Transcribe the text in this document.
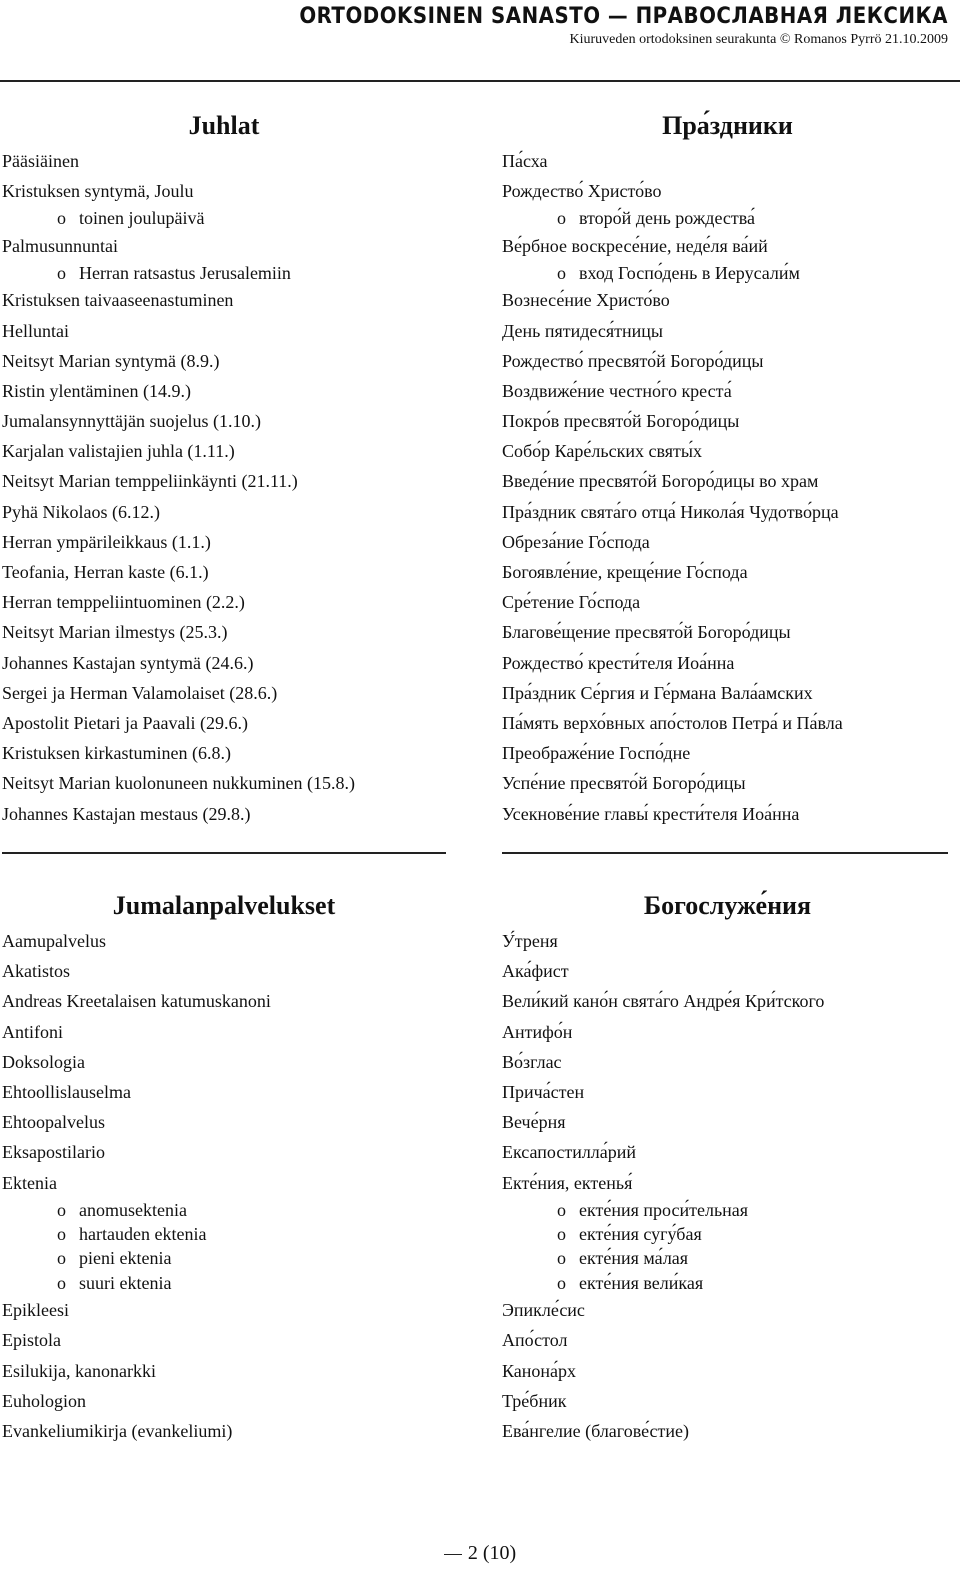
ORTODOKSINEN SANASTO — ПРАВОСЛАВНАЯ ЛЕКСИКА
Kiuruveden ortodoksinen seurakunta © Romanos Pyrrö 21.10.2009
Juhlat	Пра́здники
Pääsiäinen
Kristuksen syntymä, Joulu
o toinen joulupäivä
Palmusunnuntai
o Herran ratsastus Jerusalemiin
Kristuksen taivaaseenastuminen
Helluntai
Neitsyt Marian syntymä (8.9.)
Ristin ylentäminen (14.9.)
Jumalansynnyttäjän suojelus (1.10.)
Karjalan valistajien juhla (1.11.)
Neitsyt Marian temppeliinkäynti (21.11.)
Pyhä Nikolaos (6.12.)
Herran ympärileikkaus (1.1.)
Teofania, Herran kaste (6.1.)
Herran temppeliintuominen (2.2.)
Neitsyt Marian ilmestys (25.3.)
Johannes Kastajan syntymä (24.6.)
Sergei ja Herman Valamolaiset (28.6.)
Apostolit Pietari ja Paavali (29.6.)
Kristuksen kirkastuminen (6.8.)
Neitsyt Marian kuolonuneen nukkuminen (15.8.)
Johannes Kastajan mestaus (29.8.)
Па́сха
Рождество́ Христо́во
o второ́й день рождества́
Ве́рбное воскресе́ние, неде́ля ва́ий
o вход Госпо́день в Иерусали́м
Вознесе́ние Христо́во
День пятидеся́тницы
Рождество́ пресвято́й Богоро́дицы
Воздвиже́ние честно́го креста́
Покро́в пресвято́й Богоро́дицы
Собо́р Каре́льских святы́х
Введе́ние пресвято́й Богоро́дицы во храм
Пра́здник свята́го отца́ Никола́я Чудотво́рца
Обреза́ние Го́спода
Богоявле́ние, креще́ние Го́спода
Сре́тение Го́спода
Благове́щение пресвято́й Богоро́дицы
Рождество́ крести́теля Иоа́нна
Пра́здник Се́ргия и Ге́рмана Вала́амских
Па́мять верхо́вных апо́столов Петра́ и Па́вла
Преображе́ние Госпо́дне
Успе́ние пресвято́й Богоро́дицы
Усекнове́ние главы́ крести́теля Иоа́нна
Jumalanpalvelukset	Богослуже́ния
Aamupalvelus
Akatistos
Andreas Kreetalaisen katumuskanoni
Antifoni
Doksologia
Ehtoollislauselma
Ehtoopalvelus
Eksapostilario
Ektenia
o anomusektenia
o hartauden ektenia
o pieni ektenia
o suuri ektenia
Epikleesi
Epistola
Esilukija, kanonarkki
Euhologion
Evankeliumikirja (evankeliumi)
У́треня
Ака́фист
Вели́кий кано́н свята́го Андре́я Кри́тского
Антифо́н
Во́зглас
Прича́стен
Вече́рня
Ексапостилла́рий
Екте́ния, ектенья́
o екте́ния проси́тельная
o екте́ния сугу́бая
o екте́ния ма́лая
o екте́ния вели́кая
Эпикле́сис
Апо́стол
Канона́рх
Тре́бник
Ева́нгелие (благове́стие)
2 (10)
